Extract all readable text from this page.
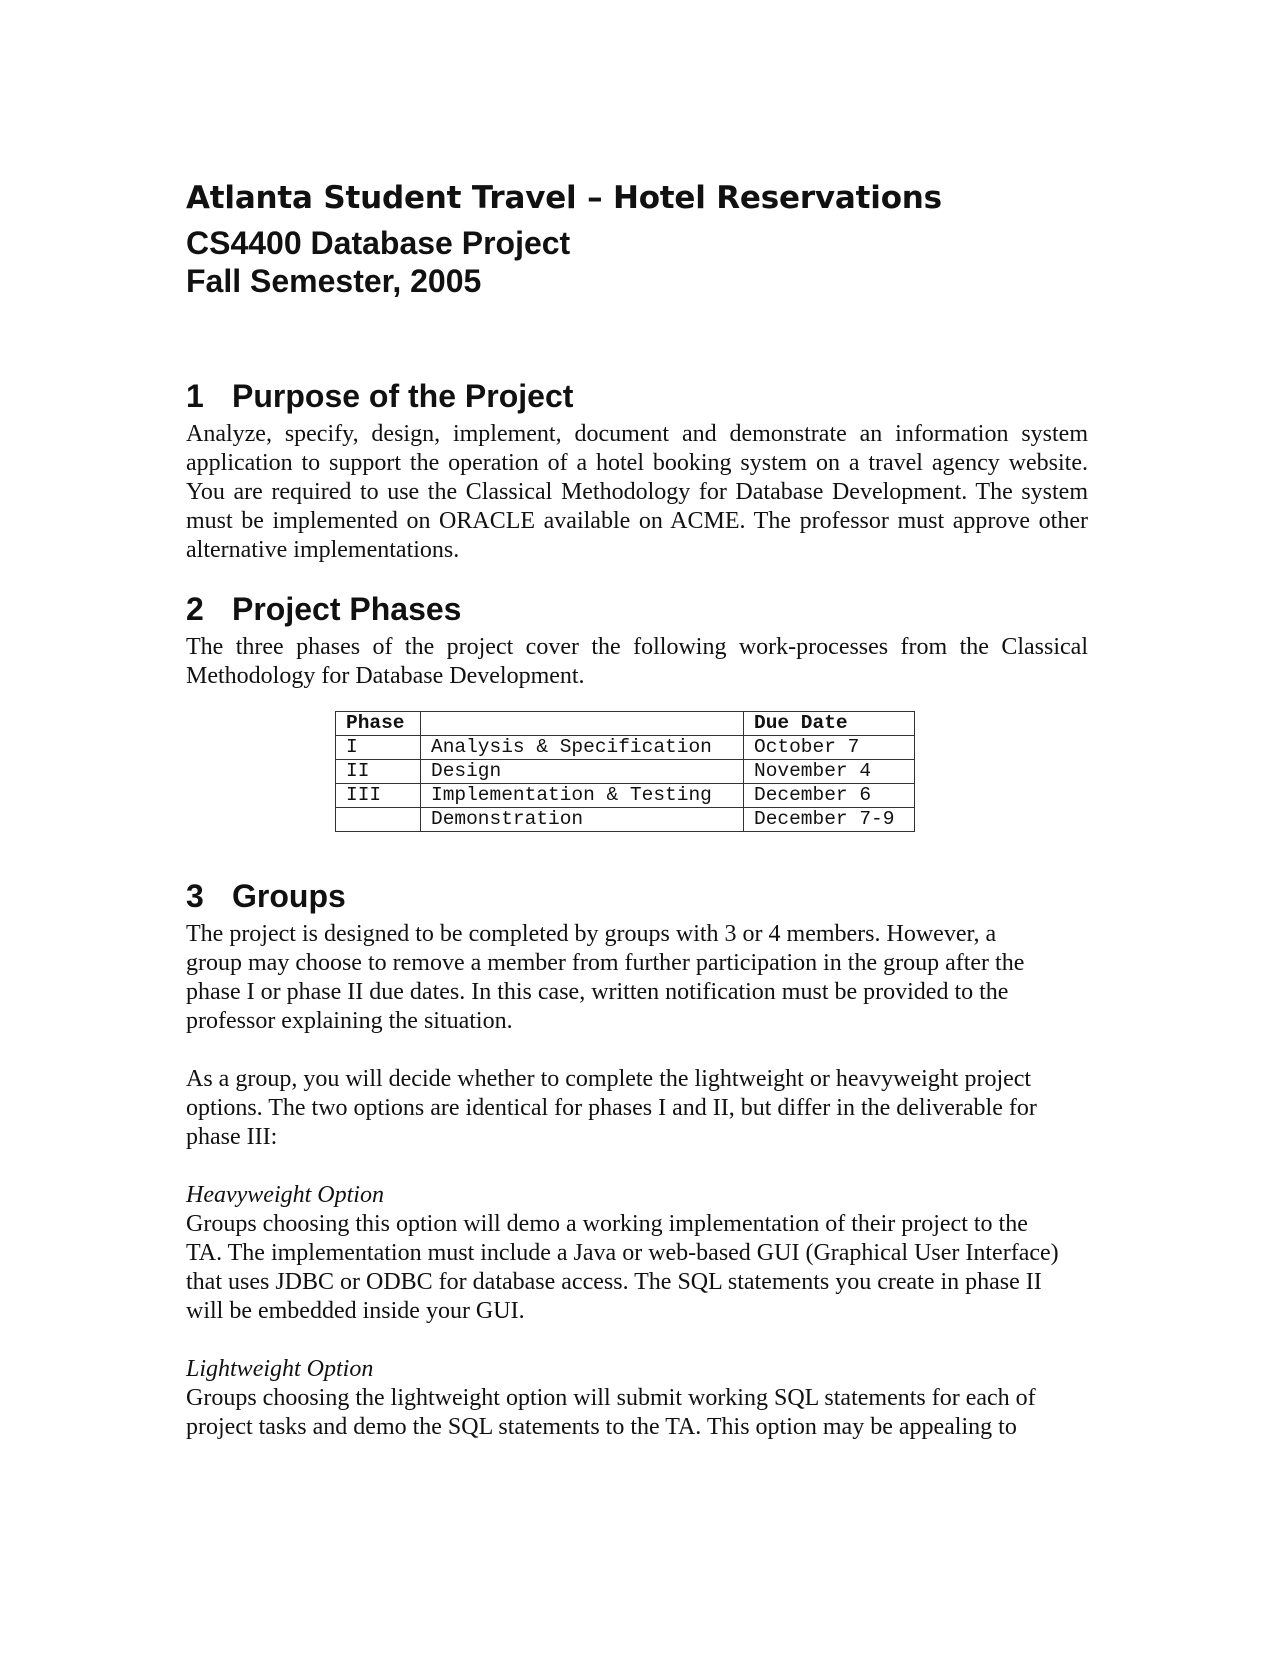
Atlanta Student Travel – Hotel Reservations
CS4400 Database Project
Fall Semester, 2005
1 Purpose of the Project

Analyze, specify, design, implement, document and demonstrate an information system application to support the operation of a hotel booking system on a travel agency website. You are required to use the Classical Methodology for Database Development. The system must be implemented on ORACLE available on ACME. The professor must approve other alternative implementations.

2 Project Phases

The three phases of the project cover the following work-processes from the Classical Methodology for Database Development.

Phase		Due Date
I	Analysis & Specification	October 7
II	Design	November 4
III	Implementation & Testing	December 6
	Demonstration	December 7-9
3 Groups

The project is designed to be completed by groups with 3 or 4 members. However, a group may choose to remove a member from further participation in the group after the phase I or phase II due dates. In this case, written notification must be provided to the professor explaining the situation.

As a group, you will decide whether to complete the lightweight or heavyweight project options. The two options are identical for phases I and II, but differ in the deliverable for phase III:

Heavyweight Option

Groups choosing this option will demo a working implementation of their project to the TA. The implementation must include a Java or web-based GUI (Graphical User Interface) that uses JDBC or ODBC for database access. The SQL statements you create in phase II will be embedded inside your GUI.

Lightweight Option

Groups choosing the lightweight option will submit working SQL statements for each of project tasks and demo the SQL statements to the TA. This option may be appealing to
